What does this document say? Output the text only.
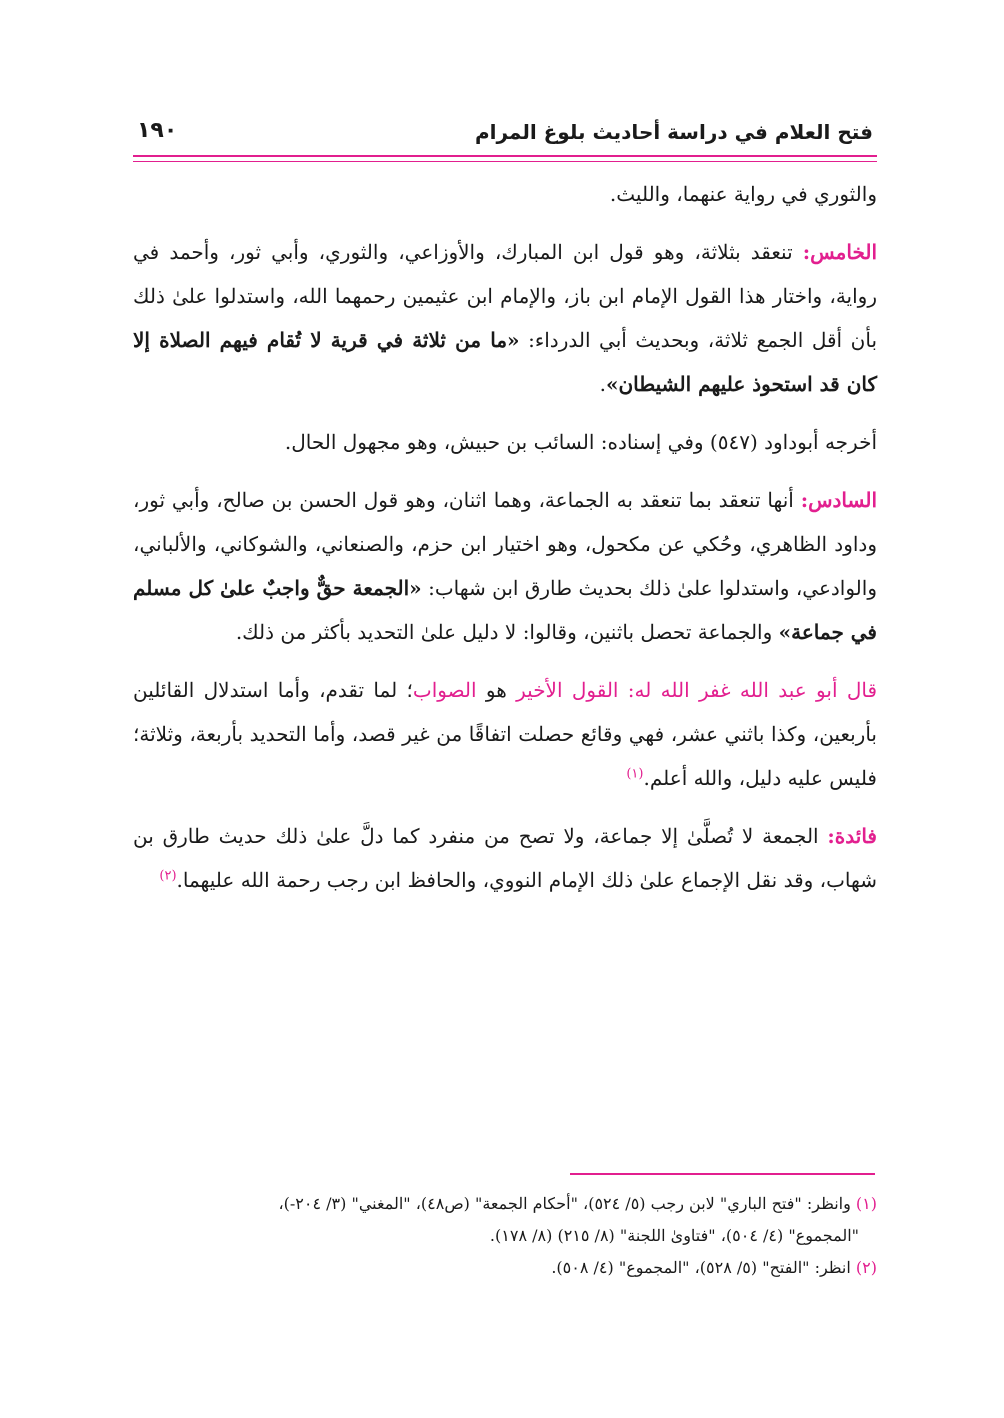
فتح العلام في دراسة أحاديث بلوغ المرام
١٩٠

والثوري في رواية عنهما، والليث.

الخامس: تنعقد بثلاثة، وهو قول ابن المبارك، والأوزاعي، والثوري، وأبي ثور، وأحمد في رواية، واختار هذا القول الإمام ابن باز، والإمام ابن عثيمين رحمهما الله، واستدلوا علىٰ ذلك بأن أقل الجمع ثلاثة، وبحديث أبي الدرداء: «ما من ثلاثة في قرية لا تُقام فيهم الصلاة إلا كان قد استحوذ عليهم الشيطان».

أخرجه أبوداود (٥٤٧) وفي إسناده: السائب بن حبيش، وهو مجهول الحال.

السادس: أنها تنعقد بما تنعقد به الجماعة، وهما اثنان، وهو قول الحسن بن صالح، وأبي ثور، وداود الظاهري، وحُكي عن مكحول، وهو اختيار ابن حزم، والصنعاني، والشوكاني، والألباني، والوادعي، واستدلوا علىٰ ذلك بحديث طارق ابن شهاب: «الجمعة حقٌّ واجبٌ علىٰ كل مسلم في جماعة» والجماعة تحصل باثنين، وقالوا: لا دليل علىٰ التحديد بأكثر من ذلك.

قال أبو عبد الله غفر الله له: القول الأخير هو الصواب؛ لما تقدم، وأما استدلال القائلين بأربعين، وكذا باثني عشر، فهي وقائع حصلت اتفاقًا من غير قصد، وأما التحديد بأربعة، وثلاثة؛ فليس عليه دليل، والله أعلم.$^{(١)}$

فائدة: الجمعة لا تُصلَّىٰ إلا جماعة، ولا تصح من منفرد كما دلَّ علىٰ ذلك حديث طارق بن شهاب، وقد نقل الإجماع علىٰ ذلك الإمام النووي، والحافظ ابن رجب رحمة الله عليهما.$^{(٢)}$

(١) وانظر: "فتح الباري" لابن رجب (٥/ ٥٢٤)، "أحكام الجمعة" (ص٤٨)، "المغني" (٣/ ٢٠٤-)،

"المجموع" (٤/ ٥٠٤)، "فتاوىٰ اللجنة" (٨/ ٢١٥) (٨/ ١٧٨).

(٢) انظر: "الفتح" (٥/ ٥٢٨)، "المجموع" (٤/ ٥٠٨).
